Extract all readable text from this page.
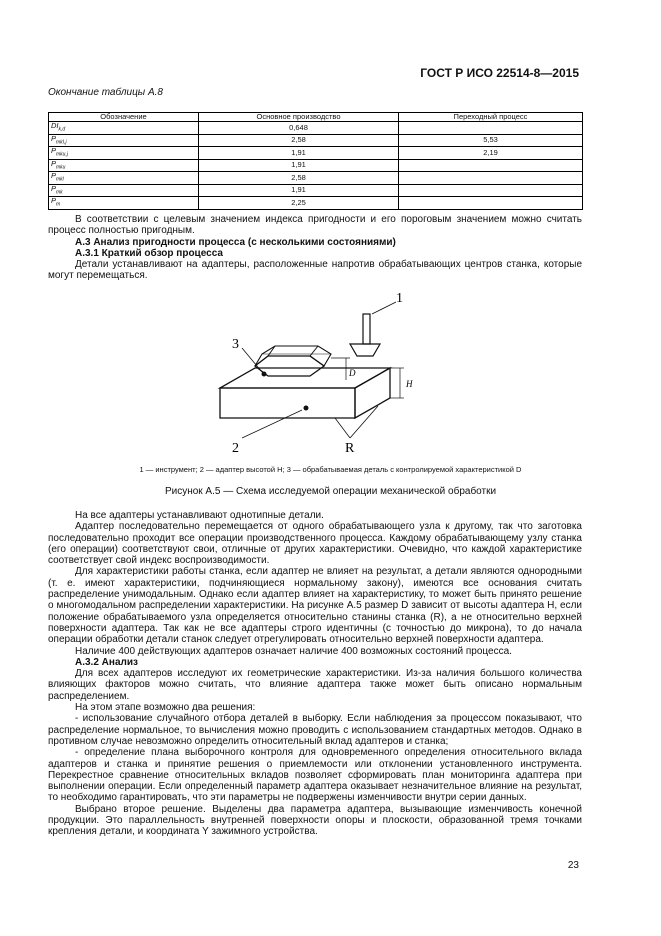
ГОСТ Р ИСО 22514-8—2015
Окончание таблицы А.8
Обозначение	Основное производство	Переходный процесс
$DI_{k,d}$	0,648	
$P_{mkI,j}$	2,58	5,53
$P_{mku,j}$	1,91	2,19
$P_{mku}$	1,91	
$P_{mkl}$	2,58	
$P_{mk}$	1,91	
$P_m$	2,25	

В соответствии с целевым значением индекса пригодности и его пороговым значением можно считать процесс полностью пригодным.

А.3 Анализ пригодности процесса (с несколькими состояниями)

А.3.1 Краткий обзор процесса

Детали устанавливают на адаптеры, расположенные напротив обрабатывающих центров станка, которые могут перемещаться.

1
3
2	R
D
H
1 — инструмент; 2 — адаптер высотой H; 3 — обрабатываемая деталь с контролируемой характеристикой D
Рисунок А.5 — Схема исследуемой операции механической обработки

На все адаптеры устанавливают однотипные детали.

Адаптер последовательно перемещается от одного обрабатывающего узла к другому, так что заготовка последовательно проходит все операции производственного процесса. Каждому обрабатывающему узлу станка (его операции) соответствуют свои, отличные от других характеристики. Очевидно, что каждой характеристике соответствует свой индекс воспроизводимости.

Для характеристики работы станка, если адаптер не влияет на результат, а детали являются однородными (т. е. имеют характеристики, подчиняющиеся нормальному закону), имеются все основания считать распределение унимодальным. Однако если адаптер влияет на характеристику, то может быть принято решение о многомодальном распределении характеристики. На рисунке А.5 размер D зависит от высоты адаптера H, если положение обрабатываемого узла определяется относительно станины станка (R), а не относительно верхней поверхности адаптера. Так как не все адаптеры строго идентичны (с точностью до микрона), то до начала операции обработки детали станок следует отрегулировать относительно верхней поверхности адаптера.

Наличие 400 действующих адаптеров означает наличие 400 возможных состояний процесса.

А.3.2 Анализ

Для всех адаптеров исследуют их геометрические характеристики. Из-за наличия большого количества влияющих факторов можно считать, что влияние адаптера также может быть описано нормальным распределением.

На этом этапе возможно два решения:

- использование случайного отбора деталей в выборку. Если наблюдения за процессом показывают, что распределение нормальное, то вычисления можно проводить с использованием стандартных методов. Однако в противном случае невозможно определить относительный вклад адаптеров и станка;

- определение плана выборочного контроля для одновременного определения относительного вклада адаптеров и станка и принятие решения о приемлемости или отклонении установленного инструмента. Перекрестное сравнение относительных вкладов позволяет сформировать план мониторинга адаптера при выполнении операции. Если определенный параметр адаптера оказывает незначительное влияние на результат, то необходимо гарантировать, что эти параметры не подвержены изменчивости внутри серии данных.

Выбрано второе решение. Выделены два параметра адаптера, вызывающие изменчивость конечной продукции. Это параллельность внутренней поверхности опоры и плоскости, образованной тремя точками крепления детали, и координата Y зажимного устройства.

23
